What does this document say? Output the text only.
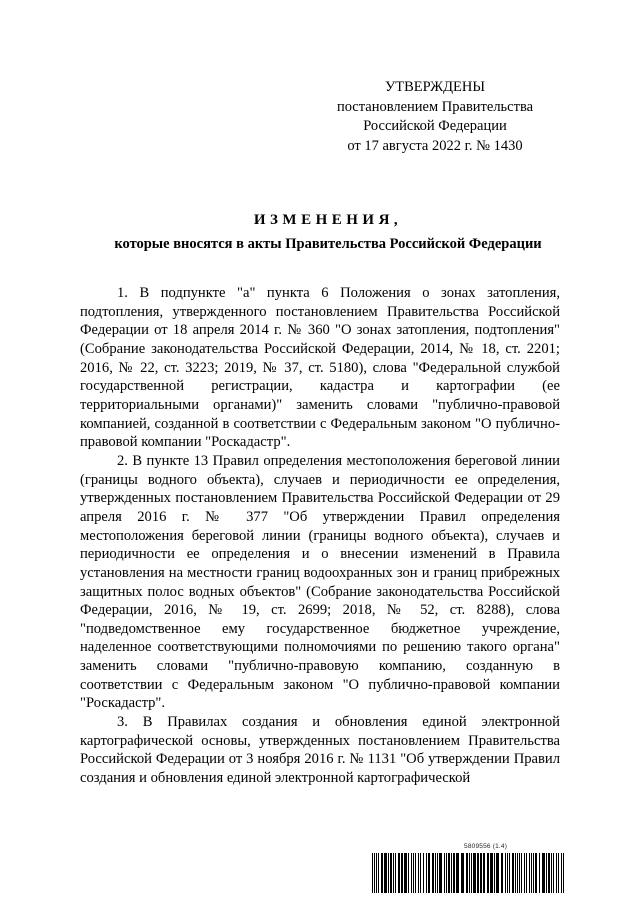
УТВЕРЖДЕНЫ
постановлением Правительства
Российской Федерации
от 17 августа 2022 г. № 1430
ИЗМЕНЕНИЯ,
которые вносятся в акты Правительства Российской Федерации

1. В подпункте "а" пункта 6 Положения о зонах затопления, подтопления, утвержденного постановлением Правительства Российской Федерации от 18 апреля 2014 г. № 360 "О зонах затопления, подтопления" (Собрание законодательства Российской Федерации, 2014, № 18, ст. 2201; 2016, № 22, ст. 3223; 2019, № 37, ст. 5180), слова "Федеральной службой государственной регистрации, кадастра и картографии (ее территориальными органами)" заменить словами "публично-правовой компанией, созданной в соответствии с Федеральным законом "О публично-правовой компании "Роскадастр".

2. В пункте 13 Правил определения местоположения береговой линии (границы водного объекта), случаев и периодичности ее определения, утвержденных постановлением Правительства Российской Федерации от 29 апреля 2016 г. № 377 "Об утверждении Правил определения местоположения береговой линии (границы водного объекта), случаев и периодичности ее определения и о внесении изменений в Правила установления на местности границ водоохранных зон и границ прибрежных защитных полос водных объектов" (Собрание законодательства Российской Федерации, 2016, № 19, ст. 2699; 2018, № 52, ст. 8288), слова "подведомственное ему государственное бюджетное учреждение, наделенное соответствующими полномочиями по решению такого органа" заменить словами "публично-правовую компанию, созданную в соответствии с Федеральным законом "О публично-правовой компании "Роскадастр".

3. В Правилах создания и обновления единой электронной картографической основы, утвержденных постановлением Правительства Российской Федерации от 3 ноября 2016 г. № 1131 "Об утверждении Правил создания и обновления единой электронной картографической

5809556 (1.4)
